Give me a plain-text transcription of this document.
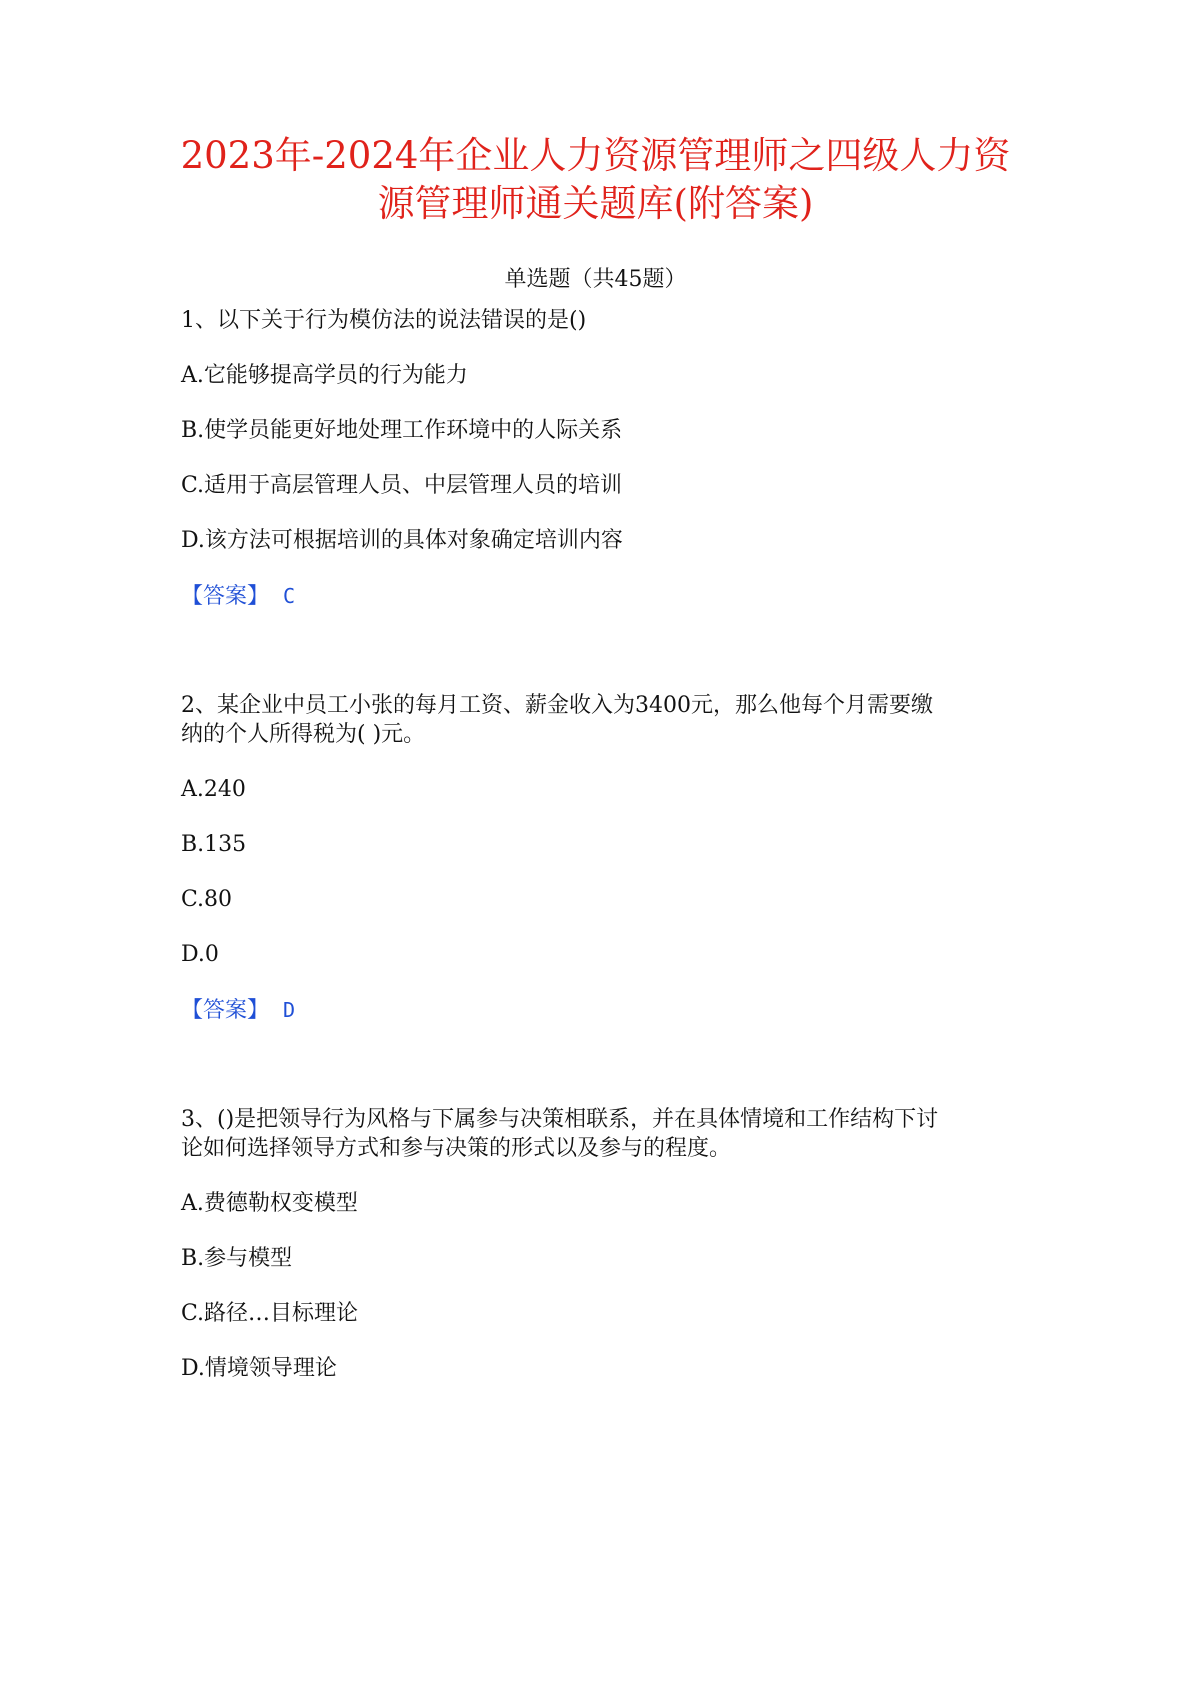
2023年-2024年企业人力资源管理师之四级人力资
源管理师通关题库(附答案)
单选题（共45题）
1、以下关于行为模仿法的说法错误的是()
A.它能够提高学员的行为能力
B.使学员能更好地处理工作环境中的人际关系
C.适用于高层管理人员、中层管理人员的培训
D.该方法可根据培训的具体对象确定培训内容
【答案】 C
2、某企业中员工小张的每月工资、薪金收入为3400元，那么他每个月需要缴
纳的个人所得税为( )元。
A.240
B.135
C.80
D.0
【答案】 D
3、()是把领导行为风格与下属参与决策相联系，并在具体情境和工作结构下讨
论如何选择领导方式和参与决策的形式以及参与的程度。
A.费德勒权变模型
B.参与模型
C.路径…目标理论
D.情境领导理论
